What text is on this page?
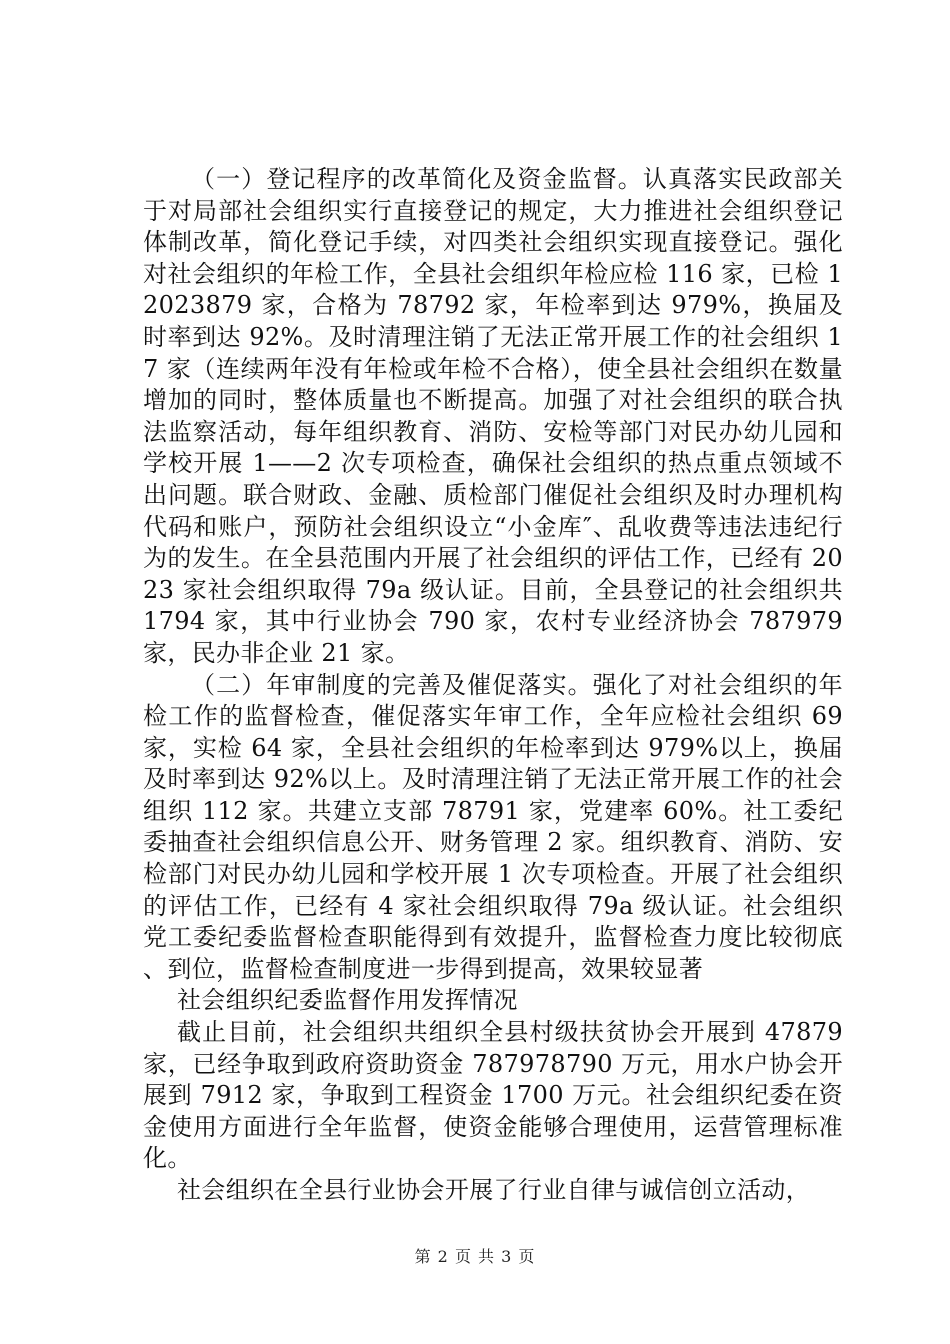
（一）登记程序的改革简化及资金监督。认真落实民政部关于对局部社会组织实行直接登记的规定，大力推进社会组织登记体制改革，简化登记手续，对四类社会组织实现直接登记。强化对社会组织的年检工作，全县社会组织年检应检 116 家，已检 12023879 家，合格为 78792 家，年检率到达 979%，换届及时率到达 92%。及时清理注销了无法正常开展工作的社会组织 17 家（连续两年没有年检或年检不合格），使全县社会组织在数量增加的同时，整体质量也不断提高。加强了对社会组织的联合执法监察活动，每年组织教育、消防、安检等部门对民办幼儿园和学校开展 1——2 次专项检查，确保社会组织的热点重点领域不出问题。联合财政、金融、质检部门催促社会组织及时办理机构代码和账户，预防社会组织设立“小金库″、乱收费等违法违纪行为的发生。在全县范围内开展了社会组织的评估工作，已经有 2023 家社会组织取得 79a 级认证。目前，全县登记的社会组织共 1794 家，其中行业协会 790 家，农村专业经济协会 787979 家，民办非企业 21 家。

（二）年审制度的完善及催促落实。强化了对社会组织的年检工作的监督检查，催促落实年审工作，全年应检社会组织 69 家，实检 64 家，全县社会组织的年检率到达 979%以上，换届及时率到达 92%以上。及时清理注销了无法正常开展工作的社会组织 112 家。共建立支部 78791 家，党建率 60%。社工委纪委抽查社会组织信息公开、财务管理 2 家。组织教育、消防、安检部门对民办幼儿园和学校开展 1 次专项检查。开展了社会组织的评估工作，已经有 4 家社会组织取得 79a 级认证。社会组织党工委纪委监督检查职能得到有效提升，监督检查力度比较彻底、到位，监督检查制度进一步得到提高，效果较显著

社会组织纪委监督作用发挥情况

截止目前，社会组织共组织全县村级扶贫协会开展到 47879 家，已经争取到政府资助资金 787978790 万元，用水户协会开展到 7912 家，争取到工程资金 1700 万元。社会组织纪委在资金使用方面进行全年监督，使资金能够合理使用，运营管理标准化。

社会组织在全县行业协会开展了行业自律与诚信创立活动，

第 2 页 共 3 页
